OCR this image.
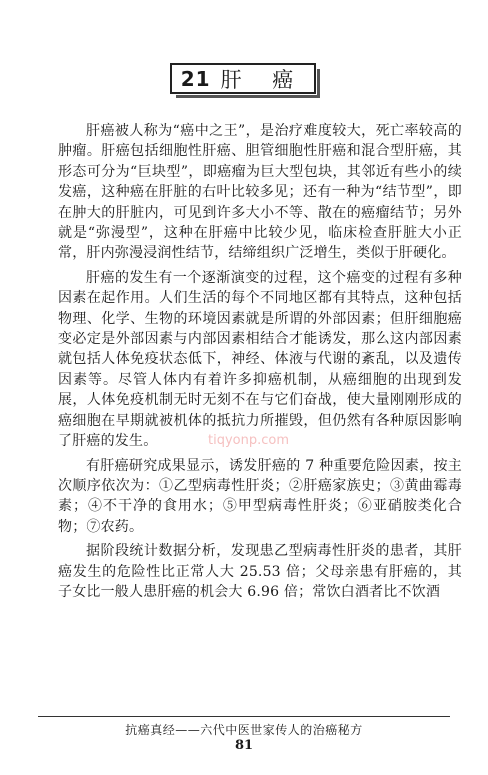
21 肝 癌

肝癌被人称为“癌中之王”，是治疗难度较大，死亡率较高的肿瘤。肝癌包括细胞性肝癌、胆管细胞性肝癌和混合型肝癌，其形态可分为“巨块型”，即癌瘤为巨大型包块，其邻近有些小的续发癌，这种癌在肝脏的右叶比较多见；还有一种为“结节型”，即在肿大的肝脏内，可见到许多大小不等、散在的癌瘤结节；另外就是“弥漫型”，这种在肝癌中比较少见，临床检查肝脏大小正常，肝内弥漫浸润性结节，结缔组织广泛增生，类似于肝硬化。

肝癌的发生有一个逐渐演变的过程，这个癌变的过程有多种因素在起作用。人们生活的每个不同地区都有其特点，这种包括物理、化学、生物的环境因素就是所谓的外部因素；但肝细胞癌变必定是外部因素与内部因素相结合才能诱发，那么这内部因素就包括人体免疫状态低下，神经、体液与代谢的紊乱，以及遗传因素等。尽管人体内有着许多抑癌机制，从癌细胞的出现到发展，人体免疫机制无时无刻不在与它们奋战，使大量刚刚形成的癌细胞在早期就被机体的抵抗力所摧毁，但仍然有各种原因影响了肝癌的发生。

有肝癌研究成果显示，诱发肝癌的 7 种重要危险因素，按主次顺序依次为：①乙型病毒性肝炎；②肝癌家族史；③黄曲霉毒素；④不干净的食用水；⑤甲型病毒性肝炎；⑥亚硝胺类化合物；⑦农药。

据阶段统计数据分析，发现患乙型病毒性肝炎的患者，其肝癌发生的危险性比正常人大 25.53 倍；父母亲患有肝癌的，其子女比一般人患肝癌的机会大 6.96 倍；常饮白酒者比不饮酒

tiqyonp.com
抗癌真经——六代中医世家传人的治癌秘方
81
